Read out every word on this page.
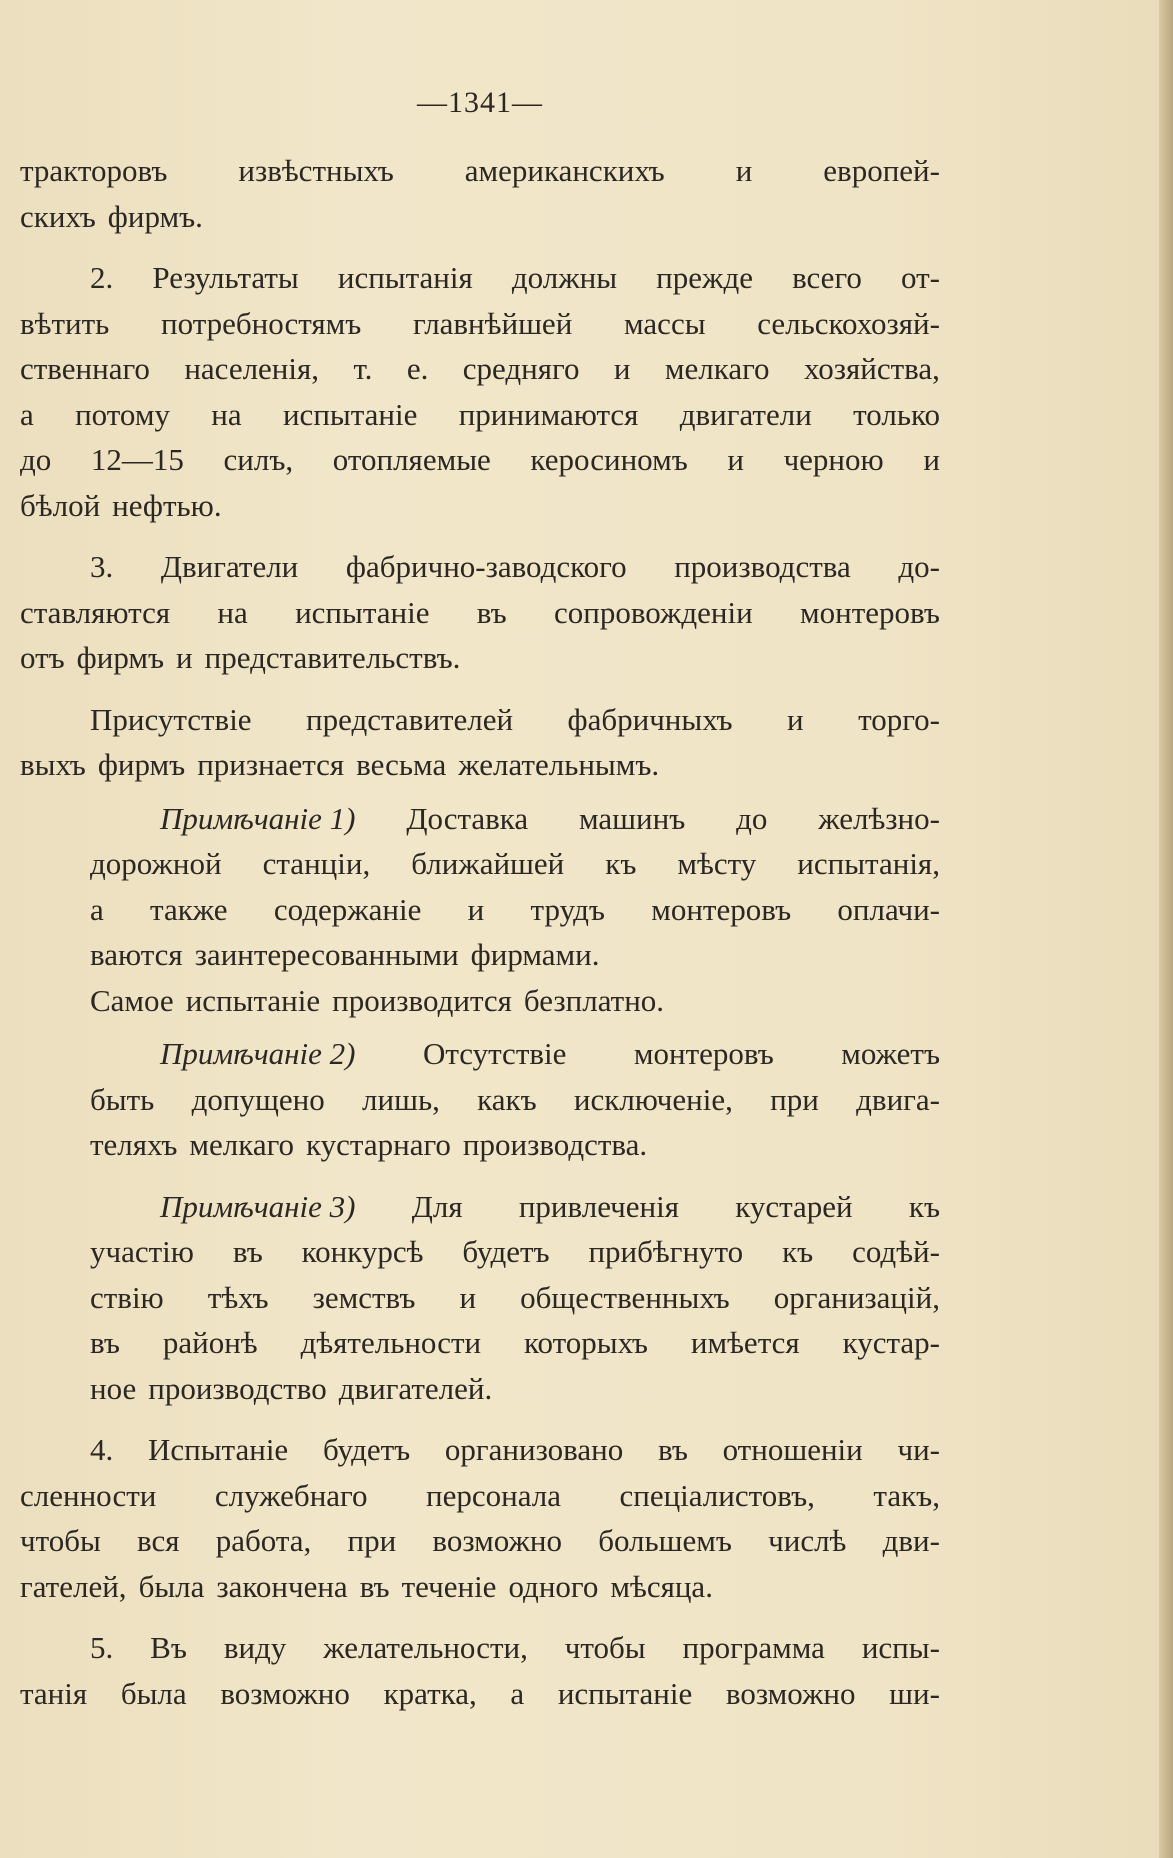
—1341—
тракторовъ извѣстныхъ американскихъ и европей-
скихъ фирмъ.
2. Результаты испытанія должны прежде всего от-
вѣтить потребностямъ главнѣйшей массы сельскохозяй-
ственнаго населенія, т. е. средняго и мелкаго хозяйства,
а потому на испытаніе принимаются двигатели только
до 12—15 силъ, отопляемые керосиномъ и черною и
бѣлой нефтью.
3. Двигатели фабрично-заводского производства до-
ставляются на испытаніе въ сопровожденіи монтеровъ
отъ фирмъ и представительствъ.
Присутствіе представителей фабричныхъ и торго-
выхъ фирмъ признается весьма желательнымъ.
Примѣчаніе 1) Доставка машинъ до желѣзно-
дорожной станціи, ближайшей къ мѣсту испытанія,
а также содержаніе и трудъ монтеровъ оплачи-
ваются заинтересованными фирмами.
Самое испытаніе производится безплатно.
Примѣчаніе 2) Отсутствіе монтеровъ можетъ
быть допущено лишь, какъ исключеніе, при двига-
теляхъ мелкаго кустарнаго производства.
Примѣчаніе 3) Для привлеченія кустарей къ
участію въ конкурсѣ будетъ прибѣгнуто къ содѣй-
ствію тѣхъ земствъ и общественныхъ организацій,
въ районѣ дѣятельности которыхъ имѣется кустар-
ное производство двигателей.
4. Испытаніе будетъ организовано въ отношеніи чи-
сленности служебнаго персонала спеціалистовъ, такъ,
чтобы вся работа, при возможно большемъ числѣ дви-
гателей, была закончена въ теченіе одного мѣсяца.
5. Въ виду желательности, чтобы программа испы-
танія была возможно кратка, а испытаніе возможно ши-
